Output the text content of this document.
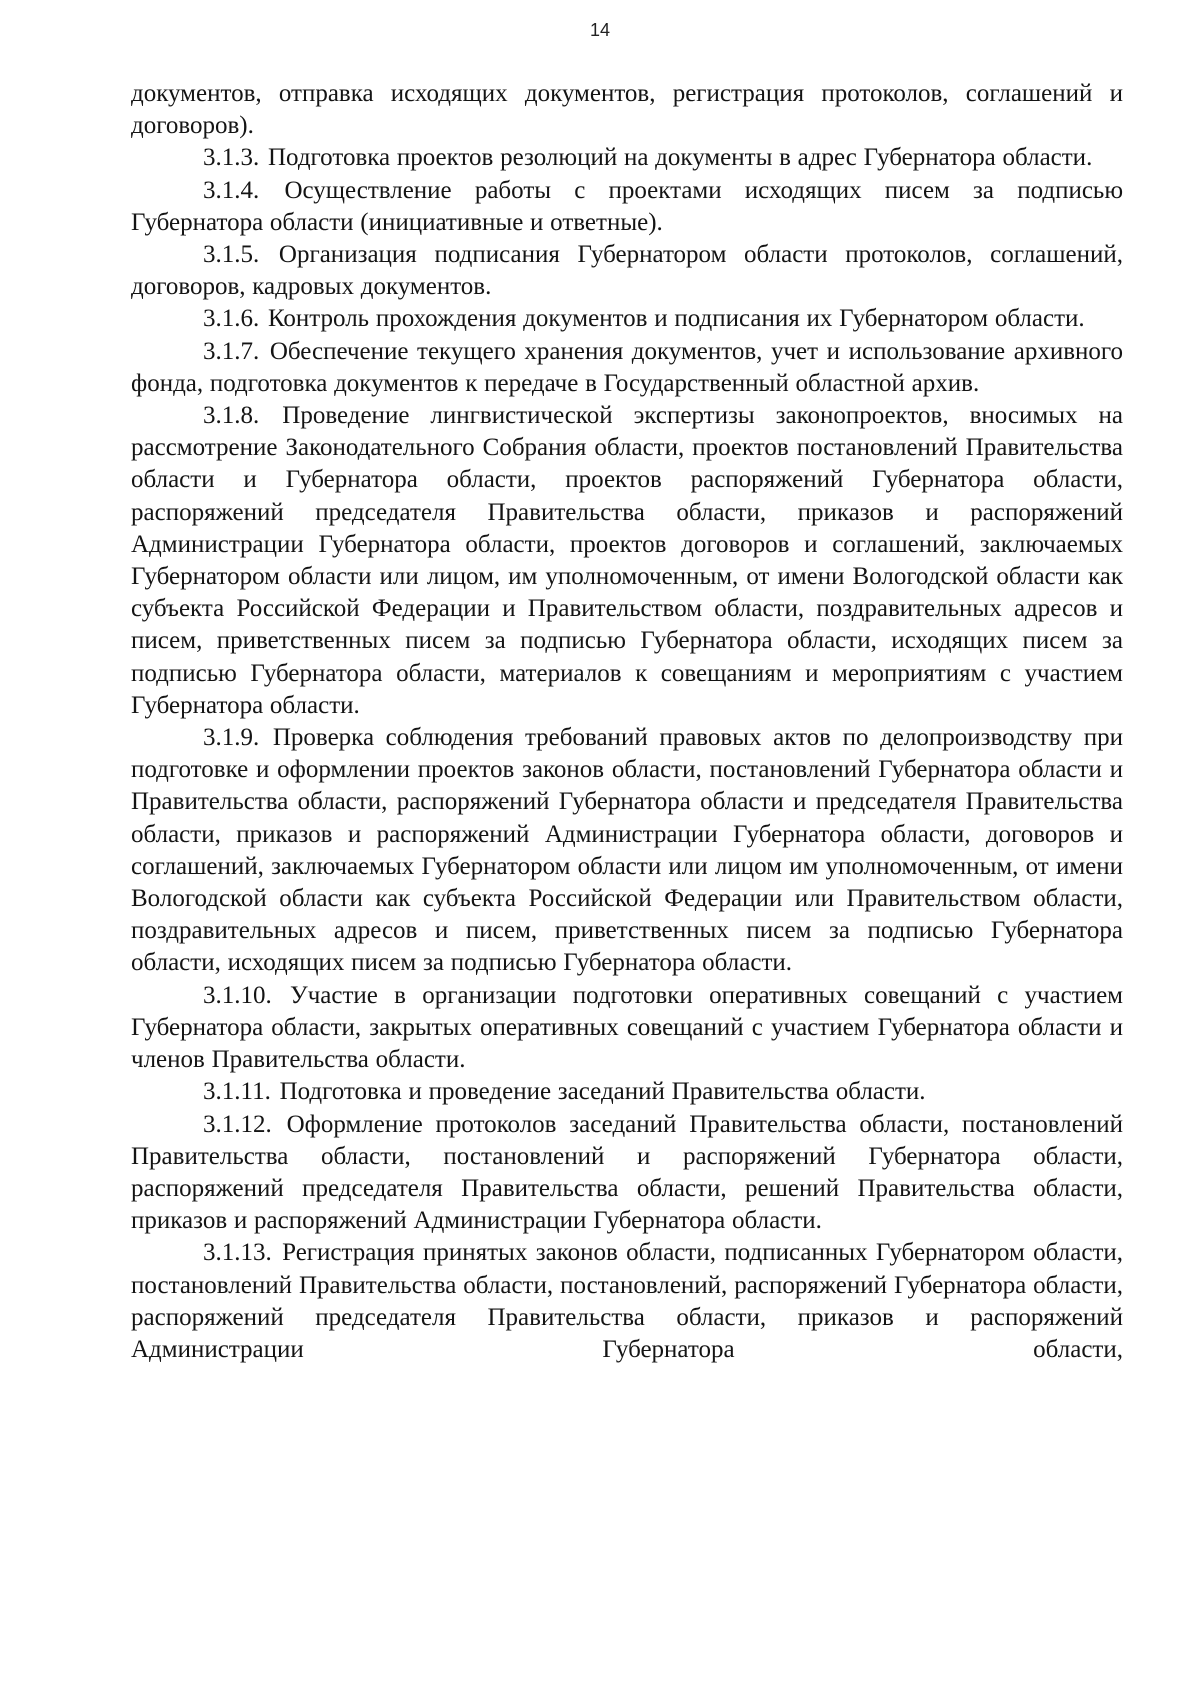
14

документов, отправка исходящих документов, регистрация протоколов, соглашений и договоров).

3.1.3. Подготовка проектов резолюций на документы в адрес Губернатора области.

3.1.4. Осуществление работы с проектами исходящих писем за подписью Губернатора области (инициативные и ответные).

3.1.5. Организация подписания Губернатором области протоколов, соглашений, договоров, кадровых документов.

3.1.6. Контроль прохождения документов и подписания их Губернатором области.

3.1.7. Обеспечение текущего хранения документов, учет и использование архивного фонда, подготовка документов к передаче в Государственный областной архив.

3.1.8. Проведение лингвистической экспертизы законопроектов, вносимых на рассмотрение Законодательного Собрания области, проектов постановлений Правительства области и Губернатора области, проектов распоряжений Губернатора области, распоряжений председателя Правительства области, приказов и распоряжений Администрации Губернатора области, проектов договоров и соглашений, заключаемых Губернатором области или лицом, им уполномоченным, от имени Вологодской области как субъекта Российской Федерации и Правительством области, поздравительных адресов и писем, приветственных писем за подписью Губернатора области, исходящих писем за подписью Губернатора области, материалов к совещаниям и мероприятиям с участием Губернатора области.

3.1.9. Проверка соблюдения требований правовых актов по делопроизводству при подготовке и оформлении проектов законов области, постановлений Губернатора области и Правительства области, распоряжений Губернатора области и председателя Правительства области, приказов и распоряжений Администрации Губернатора области, договоров и соглашений, заключаемых Губернатором области или лицом им уполномоченным, от имени Вологодской области как субъекта Российской Федерации или Правительством области, поздравительных адресов и писем, приветственных писем за подписью Губернатора области, исходящих писем за подписью Губернатора области.

3.1.10. Участие в организации подготовки оперативных совещаний с участием Губернатора области, закрытых оперативных совещаний с участием Губернатора области и членов Правительства области.

3.1.11. Подготовка и проведение заседаний Правительства области.

3.1.12. Оформление протоколов заседаний Правительства области, постановлений Правительства области, постановлений и распоряжений Губернатора области, распоряжений председателя Правительства области, решений Правительства области, приказов и распоряжений Администрации Губернатора области.

3.1.13. Регистрация принятых законов области, подписанных Губернатором области, постановлений Правительства области, постановлений, распоряжений Губернатора области, распоряжений председателя Правительства области, приказов и распоряжений Администрации Губернатора области,
